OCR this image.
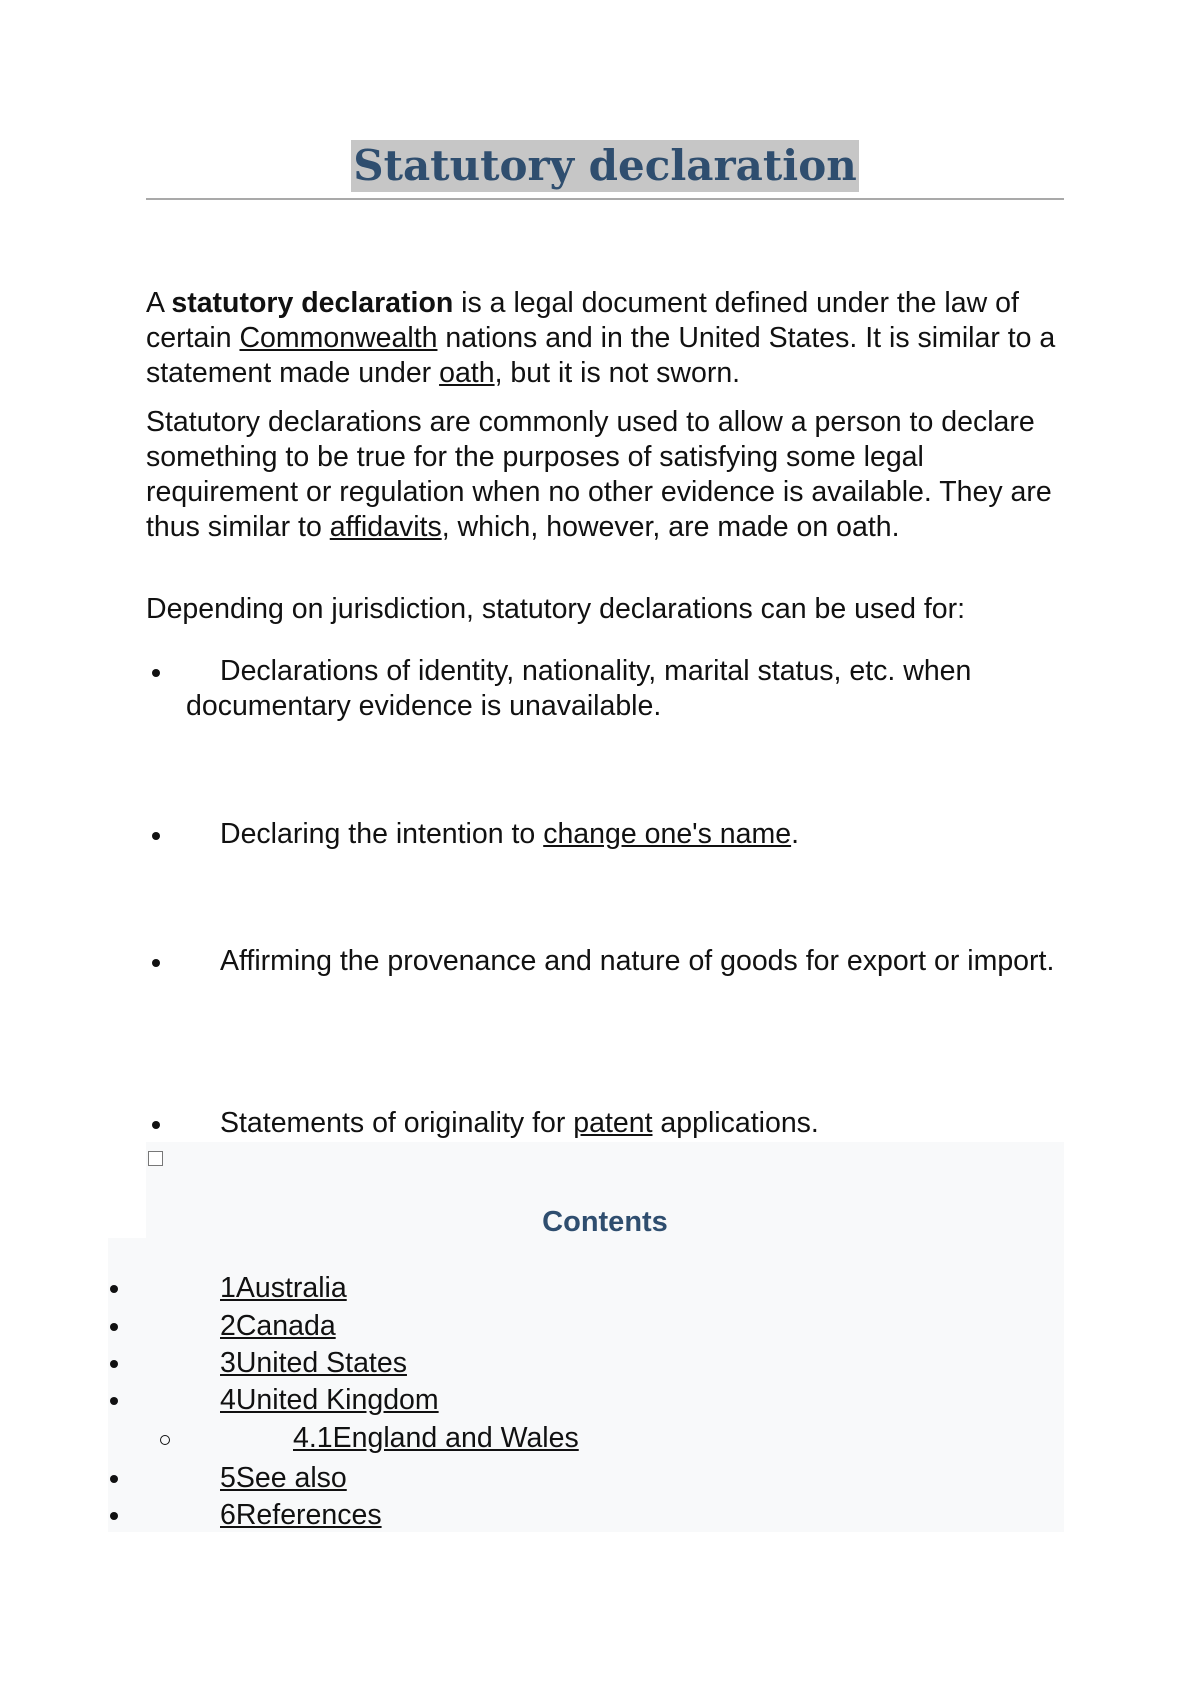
Statutory declaration

A statutory declaration is a legal document defined under the law of certain Commonwealth nations and in the United States. It is similar to a statement made under oath, but it is not sworn.

Statutory declarations are commonly used to allow a person to declare something to be true for the purposes of satisfying some legal requirement or regulation when no other evidence is available. They are thus similar to affidavits, which, however, are made on oath.

Depending on jurisdiction, statutory declarations can be used for:

Declarations of identity, nationality, marital status, etc. when documentary evidence is unavailable.
Declaring the intention to change one's name.
Affirming the provenance and nature of goods for export or import.
Statements of originality for patent applications.
Contents
1Australia
2Canada
3United States
4United Kingdom
4.1England and Wales
5See also
6References
